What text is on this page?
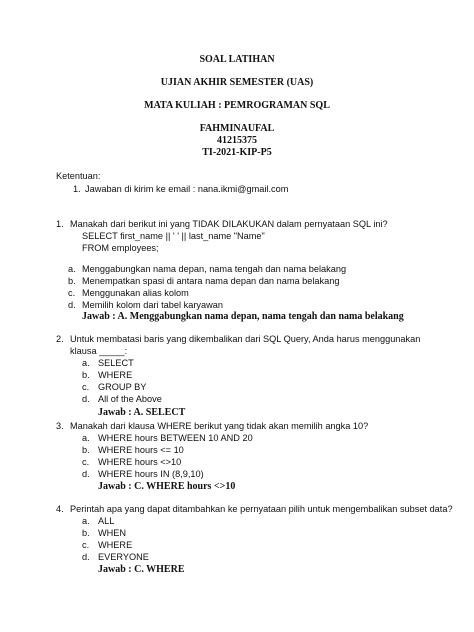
SOAL LATIHAN
UJIAN AKHIR SEMESTER (UAS)
MATA KULIAH : PEMROGRAMAN SQL
FAHMINAUFAL
41215375
TI-2021-KIP-P5
Ketentuan:
1. Jawaban di kirim ke email : nana.ikmi@gmail.com
1. Manakah dari berikut ini yang TIDAK DILAKUKAN dalam pernyataan SQL ini?
SELECT first_name || ' ' || last_name "Name"
FROM employees;
a. Menggabungkan nama depan, nama tengah dan nama belakang
b. Menempatkan spasi di antara nama depan dan nama belakang
c. Menggunakan alias kolom
d. Memilih kolom dari tabel karyawan
Jawab : A. Menggabungkan nama depan, nama tengah dan nama belakang
2. Untuk membatasi baris yang dikembalikan dari SQL Query, Anda harus menggunakan
klausa _____:
a. SELECT
b. WHERE
c. GROUP BY
d. All of the Above
Jawab : A. SELECT
3. Manakah dari klausa WHERE berikut yang tidak akan memilih angka 10?
a. WHERE hours BETWEEN 10 AND 20
b. WHERE hours <= 10
c. WHERE hours <>10
d. WHERE hours IN (8,9,10)
Jawab : C. WHERE hours <>10
4. Perintah apa yang dapat ditambahkan ke pernyataan pilih untuk mengembalikan subset data?
a. ALL
b. WHEN
c. WHERE
d. EVERYONE
Jawab : C. WHERE
